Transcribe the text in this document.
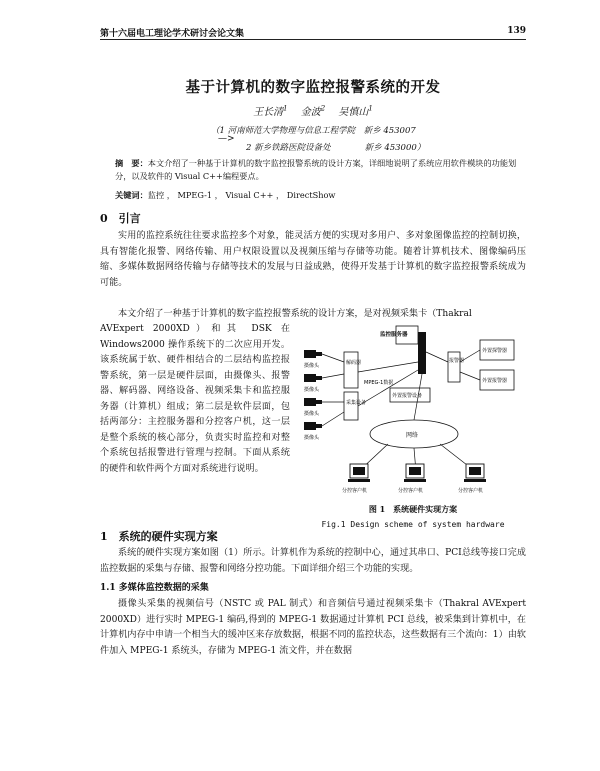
第十六届电工理论学术研讨会论文集	139
基于计算机的数字监控报警系统的开发
王长清$^1$  金波$^2$  吴慎山$^1$
（1 河南师范大学物理与信息工程学院  新乡 453007
—>
2 新乡铁路医院设备处    	新乡 453000）
摘　要：本文介绍了一种基于计算机的数字监控报警系统的设计方案，详细地说明了系统应用软件模块的功能划分，以及软件的 Visual C++编程要点。
关键词：监控 ， MPEG-1 ， Visual C++ ， DirectShow
0　引言

实用的监控系统往往要求监控多个对象，能灵活方便的实现对多用户、多对象图像监控的控制切换，具有智能化报警、网络传输、用户权限设置以及视频压缩与存储等功能。随着计算机技术、图像编码压缩、多媒体数据网络传输与存储等技术的发展与日益成熟，使得开发基于计算机的数字监控报警系统成为可能。

本文介绍了一种基于计算机的数字监控报警系统的设计方案，是对视频采集卡（Thakral

AVExpert 2000XD）和其 DSK 在 Windows2000 操作系统下的二次应用开发。该系统属于软、硬件相结合的二层结构监控报警系统，第一层是硬件层面，由摄像头、报警器、解码器、网络设备、视频采集卡和监控服务器（计算机）组成；第二层是软件层面，包括两部分：主控服务器和分控客户机，这一层是整个系统的核心部分，负责实时监控和对整个系统包括报警进行管理与控制。下面从系统的硬件和软件两个方面对系统进行说明。

监控服务器
摄像头
摄像头
摄像头
摄像头
解码器
采集设备
MPEG-1数据
外置报警设备
报警器
外置探警器
外置报警器
网络
分控客户机	分控客户机	分控客户机
图 1　系统硬件实现方案
Fig.1 Design scheme of system hardware
1　系统的硬件实现方案

系统的硬件实现方案如图（1）所示。计算机作为系统的控制中心，通过其串口、PCI总线等接口完成监控数据的采集与存储、报警和网络分控功能。下面详细介绍三个功能的实现。

1.1 多媒体监控数据的采集

摄像头采集的视频信号（NSTC 或 PAL 制式）和音频信号通过视频采集卡（Thakral AVExpert 2000XD）进行实时 MPEG-1 编码,得到的 MPEG-1 数据通过计算机 PCI 总线，被采集到计算机中，在计算机内存中申请一个相当大的缓冲区来存放数据，根据不同的监控状态，这些数据有三个流向：1）由软件加入 MPEG-1 系统头，存储为 MPEG-1 流文件，并在数据
